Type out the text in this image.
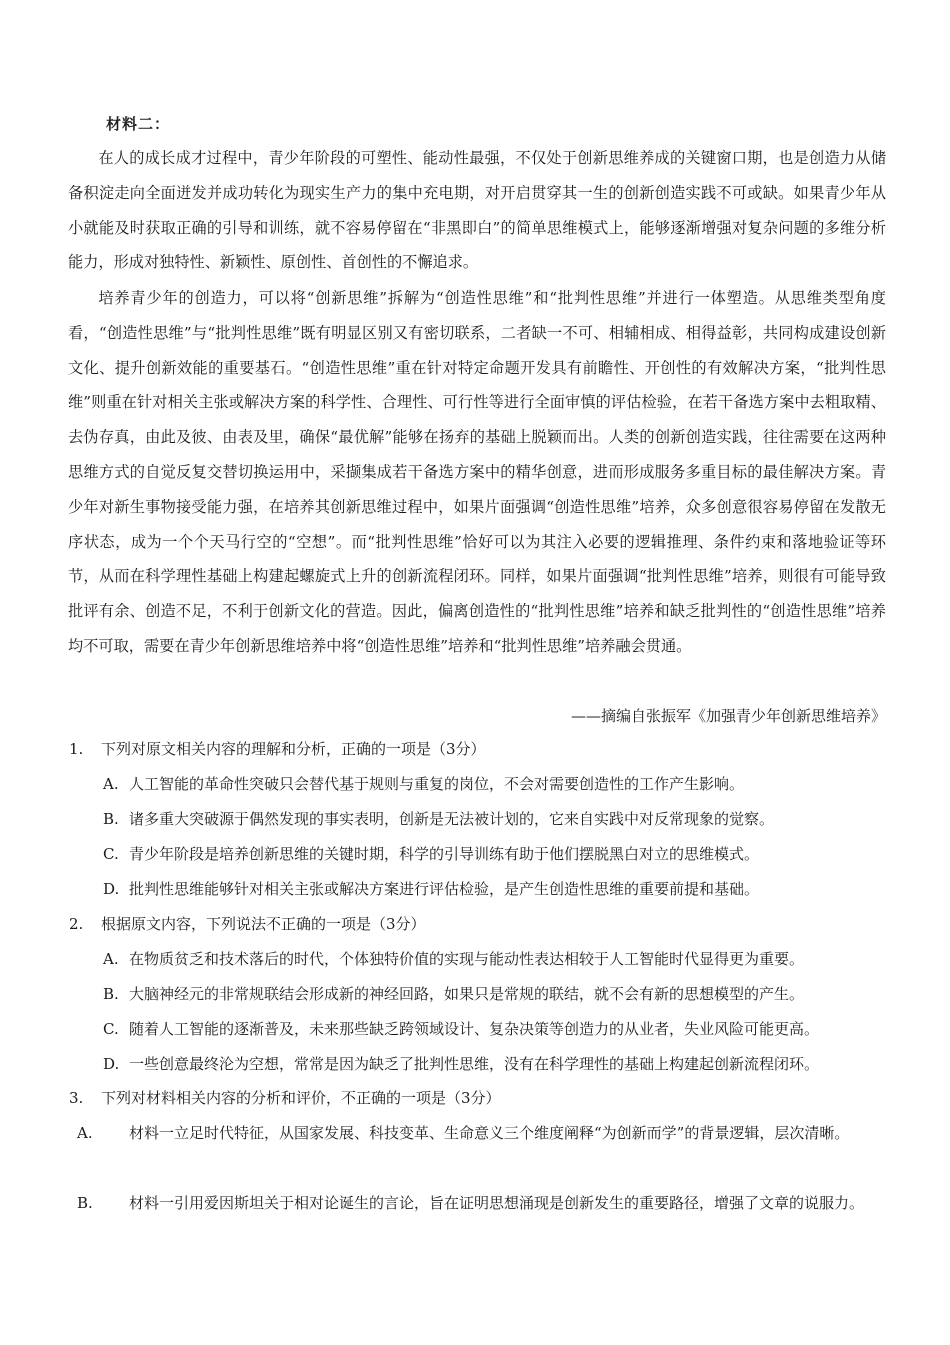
材料二：

在人的成长成才过程中，青少年阶段的可塑性、能动性最强，不仅处于创新思维养成的关键窗口期，也是创造力从储备积淀走向全面迸发并成功转化为现实生产力的集中充电期，对开启贯穿其一生的创新创造实践不可或缺。如果青少年从小就能及时获取正确的引导和训练，就不容易停留在“非黑即白”的简单思维模式上，能够逐渐增强对复杂问题的多维分析能力，形成对独特性、新颖性、原创性、首创性的不懈追求。

培养青少年的创造力，可以将“创新思维”拆解为“创造性思维”和“批判性思维”并进行一体塑造。从思维类型角度看，“创造性思维”与“批判性思维”既有明显区别又有密切联系，二者缺一不可、相辅相成、相得益彰，共同构成建设创新文化、提升创新效能的重要基石。“创造性思维”重在针对特定命题开发具有前瞻性、开创性的有效解决方案，“批判性思维”则重在针对相关主张或解决方案的科学性、合理性、可行性等进行全面审慎的评估检验，在若干备选方案中去粗取精、去伪存真，由此及彼、由表及里，确保“最优解”能够在扬弃的基础上脱颖而出。人类的创新创造实践，往往需要在这两种思维方式的自觉反复交替切换运用中，采撷集成若干备选方案中的精华创意，进而形成服务多重目标的最佳解决方案。青少年对新生事物接受能力强，在培养其创新思维过程中，如果片面强调“创造性思维”培养，众多创意很容易停留在发散无序状态，成为一个个天马行空的“空想”。而“批判性思维”恰好可以为其注入必要的逻辑推理、条件约束和落地验证等环节，从而在科学理性基础上构建起螺旋式上升的创新流程闭环。同样，如果片面强调“批判性思维”培养，则很有可能导致批评有余、创造不足，不利于创新文化的营造。因此，偏离创造性的“批判性思维”培养和缺乏批判性的“创造性思维”培养均不可取，需要在青少年创新思维培养中将“创造性思维”培养和“批判性思维”培养融会贯通。

——摘编自张振军《加强青少年创新思维培养》
1. 下列对原文相关内容的理解和分析，正确的一项是（3分）
A. 人工智能的革命性突破只会替代基于规则与重复的岗位，不会对需要创造性的工作产生影响。
B. 诸多重大突破源于偶然发现的事实表明，创新是无法被计划的，它来自实践中对反常现象的觉察。
C. 青少年阶段是培养创新思维的关键时期，科学的引导训练有助于他们摆脱黑白对立的思维模式。
D. 批判性思维能够针对相关主张或解决方案进行评估检验，是产生创造性思维的重要前提和基础。
2. 根据原文内容，下列说法不正确的一项是（3分）
A. 在物质贫乏和技术落后的时代，个体独特价值的实现与能动性表达相较于人工智能时代显得更为重要。
B. 大脑神经元的非常规联结会形成新的神经回路，如果只是常规的联结，就不会有新的思想模型的产生。
C. 随着人工智能的逐渐普及，未来那些缺乏跨领域设计、复杂决策等创造力的从业者，失业风险可能更高。
D. 一些创意最终沦为空想，常常是因为缺乏了批判性思维，没有在科学理性的基础上构建起创新流程闭环。
3. 下列对材料相关内容的分析和评价，不正确的一项是（3分）
A. 材料一立足时代特征，从国家发展、科技变革、生命意义三个维度阐释“为创新而学”的背景逻辑，层次清晰。
B. 材料一引用爱因斯坦关于相对论诞生的言论，旨在证明思想涌现是创新发生的重要路径，增强了文章的说服力。
